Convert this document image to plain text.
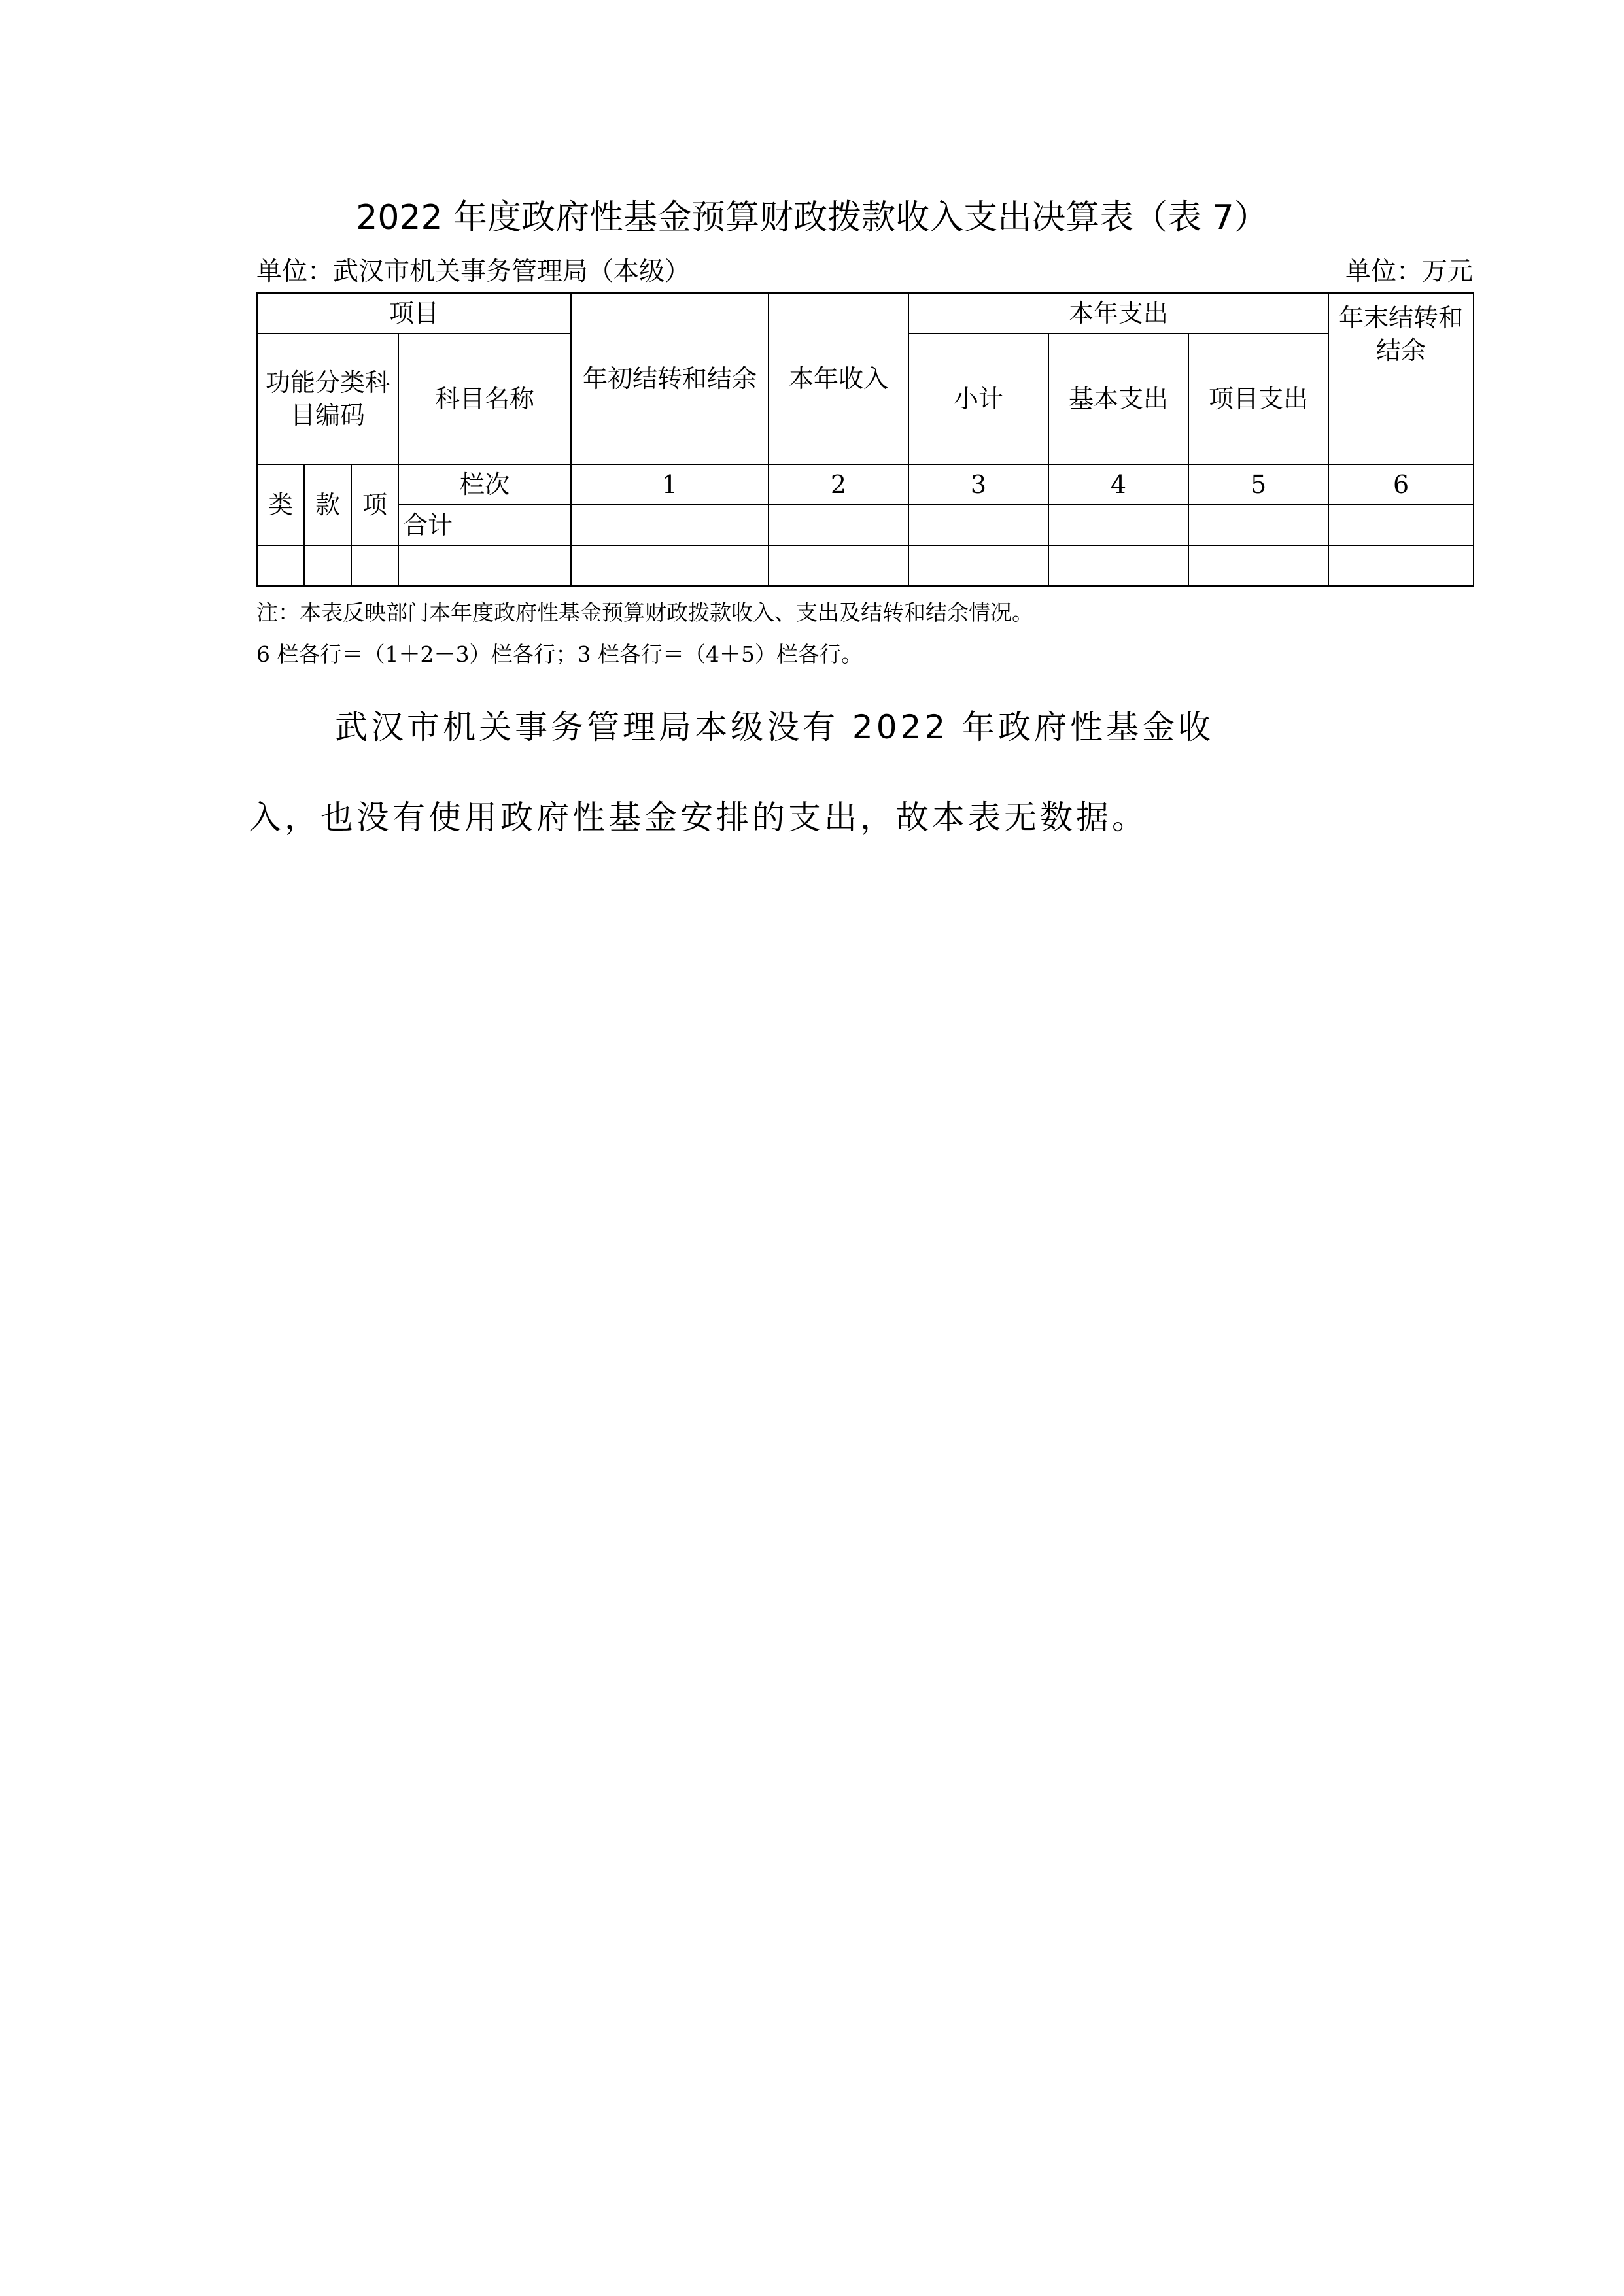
2022 年度政府性基金预算财政拨款收入支出决算表（表 7）
单位：武汉市机关事务管理局（本级）	单位：万元
项目				年初结转和结余	本年收入	本年支出			年末结转和结余

功能分类科目编码			科目名称			小计	基本支出	项目支出	
类	款	项	栏次	1	2	3	4	5	6
			合计						

注：本表反映部门本年度政府性基金预算财政拨款收入、支出及结转和结余情况。
6 栏各行＝（1＋2－3）栏各行；3 栏各行＝（4＋5）栏各行。
武汉市机关事务管理局本级没有 2022 年政府性基金收
入，也没有使用政府性基金安排的支出，故本表无数据。
